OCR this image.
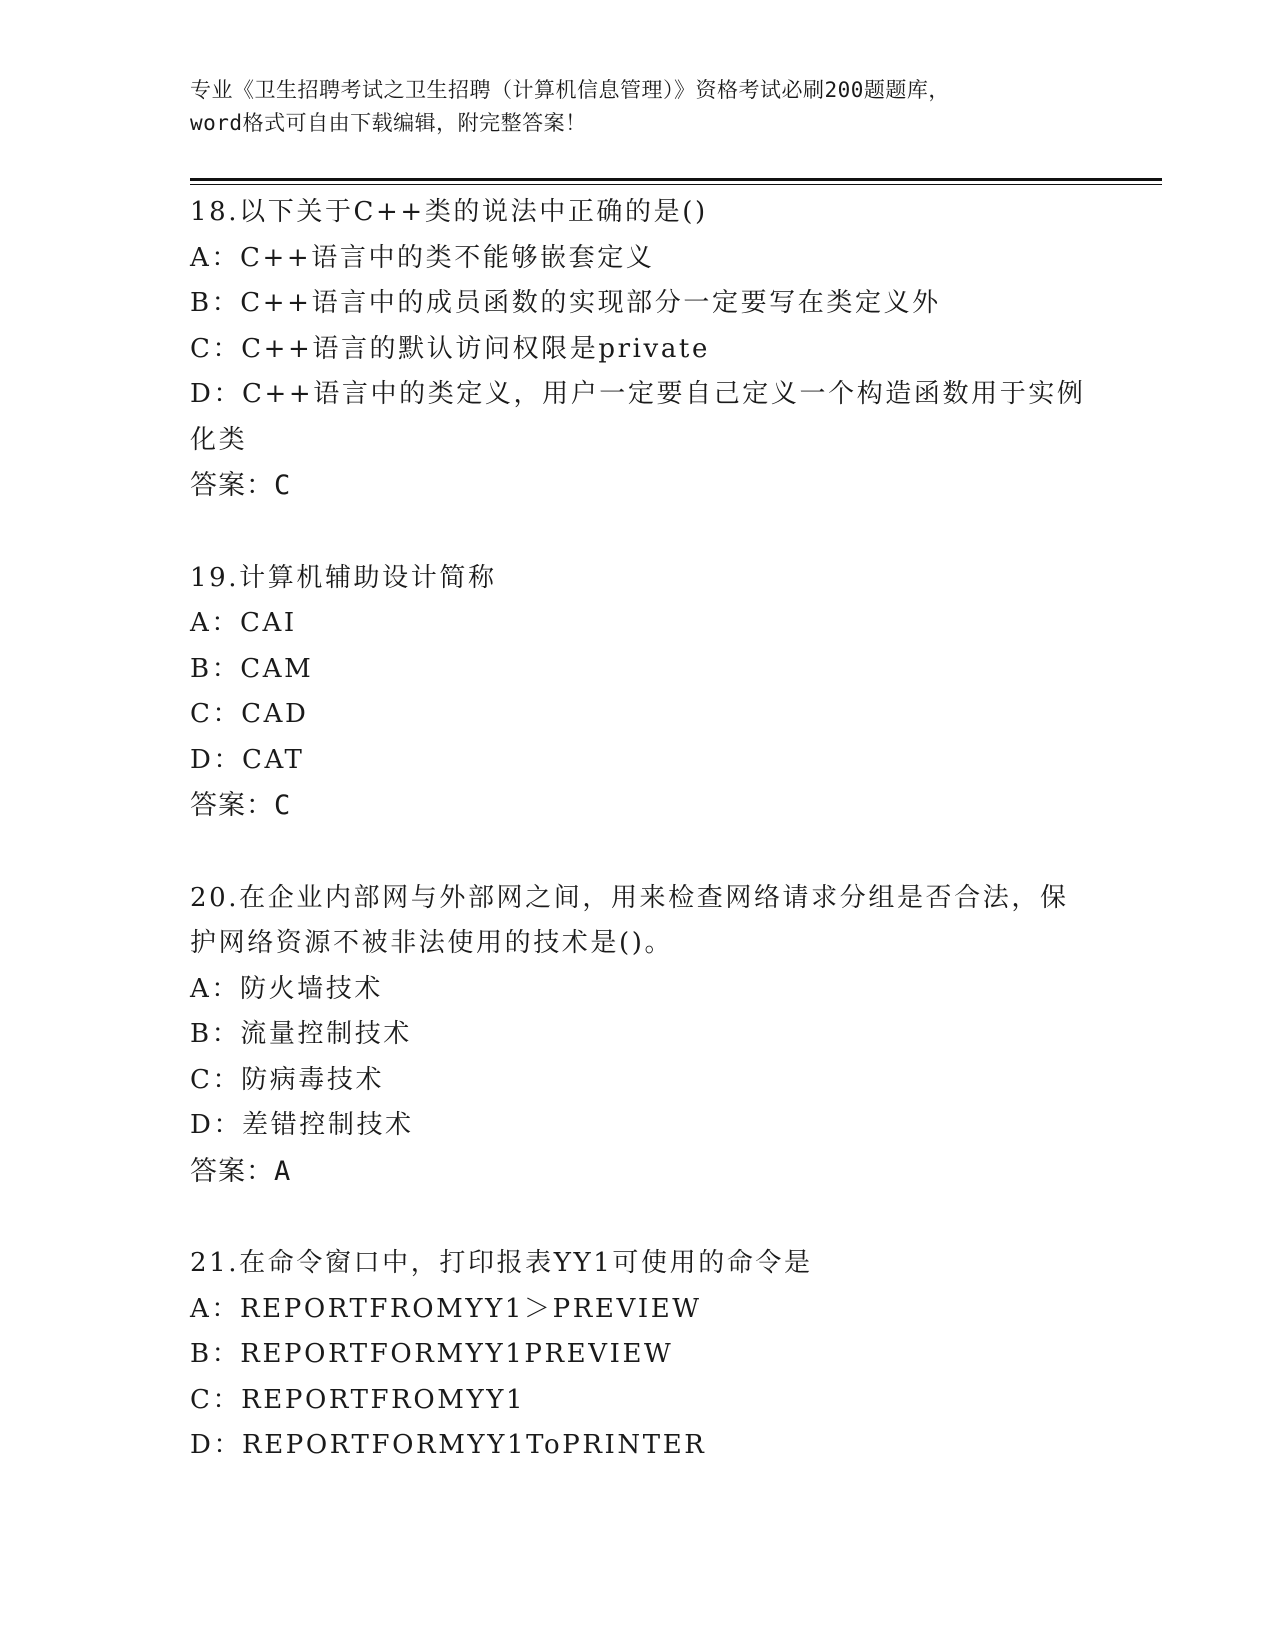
专业《卫生招聘考试之卫生招聘（计算机信息管理）》资格考试必刷200题题库，
word格式可自由下载编辑，附完整答案！
18.以下关于C++类的说法中正确的是()
A：C++语言中的类不能够嵌套定义
B：C++语言中的成员函数的实现部分一定要写在类定义外
C：C++语言的默认访问权限是private
D：C++语言中的类定义，用户一定要自己定义一个构造函数用于实例
化类
答案：C
19.计算机辅助设计简称
A：CAI
B：CAM
C：CAD
D：CAT
答案：C
20.在企业内部网与外部网之间，用来检查网络请求分组是否合法，保
护网络资源不被非法使用的技术是()。
A：防火墙技术
B：流量控制技术
C：防病毒技术
D：差错控制技术
答案：A
21.在命令窗口中，打印报表YY1可使用的命令是
A：REPORTFROMYY1＞PREVIEW
B：REPORTFORMYY1PREVIEW
C：REPORTFROMYY1
D：REPORTFORMYY1ToPRINTER
